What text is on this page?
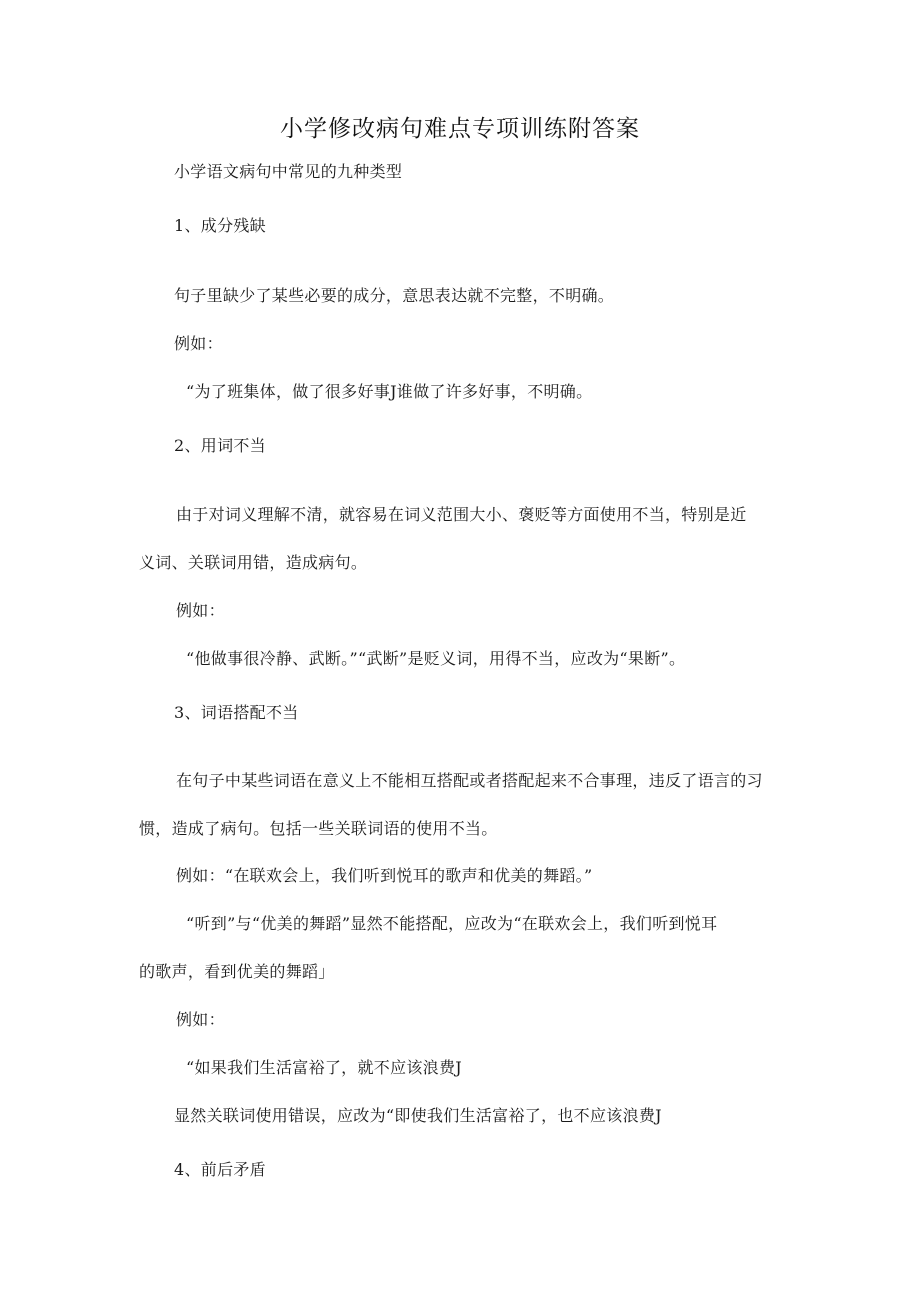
小学修改病句难点专项训练附答案
小学语文病句中常见的九种类型
1、成分残缺
句子里缺少了某些必要的成分，意思表达就不完整，不明确。
例如：
“为了班集体，做了很多好事J谁做了许多好事，不明确。
2、用词不当
由于对词义理解不清，就容易在词义范围大小、褒贬等方面使用不当，特别是近
义词、关联词用错，造成病句。
例如：
“他做事很冷静、武断。”“武断”是贬义词，用得不当，应改为“果断”。
3、词语搭配不当
在句子中某些词语在意义上不能相互搭配或者搭配起来不合事理，违反了语言的习
惯，造成了病句。包括一些关联词语的使用不当。
例如：“在联欢会上，我们听到悦耳的歌声和优美的舞蹈。”
“听到”与“优美的舞蹈”显然不能搭配，应改为“在联欢会上，我们听到悦耳
的歌声，看到优美的舞蹈」
例如：
“如果我们生活富裕了，就不应该浪费J
显然关联词使用错误，应改为“即使我们生活富裕了，也不应该浪费J
4、前后矛盾
